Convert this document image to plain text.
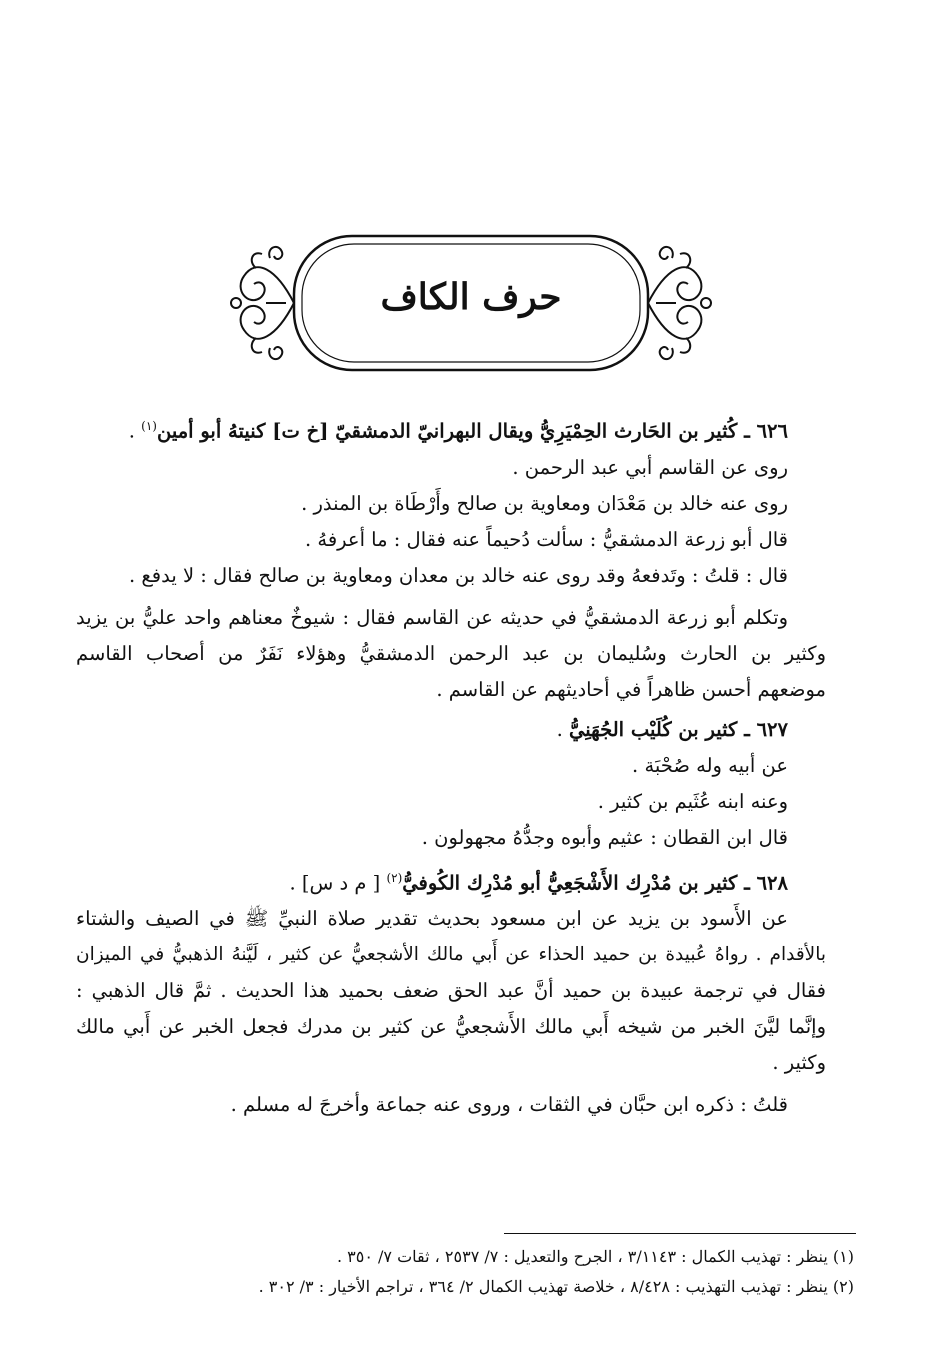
حرف الكاف
٦٢٦ ـ كُثير بن الحَارث الحِمْيَرِيُّ ويقال البهرانيّ الدمشقيّ [خ ت] كنيتهُ أبو أمين$^{(١)}$ .
روى عن القاسم أبي عبد الرحمن .
روى عنه خالد بن مَعْدَان ومعاوية بن صالح وأَرْطَاة بن المنذر .
قال أبو زرعة الدمشقيُّ : سألت دُحيماً عنه فقال : ما أعرفهُ .
قال : قلتُ : وتَدفعهُ وقد روى عنه خالد بن معدان ومعاوية بن صالح فقال : لا يدفع .
وتكلم أبو زرعة الدمشقيُّ في حديثه عن القاسم فقال : شيوخٌ معناهم واحد عليُّ بن يزيد
وكثير بن الحارث وسُليمان بن عبد الرحمن الدمشقيُّ وهؤلاء نَفَرٌ من أصحاب القاسم
موضعهم أحسن ظاهراً في أحاديثهم عن القاسم .
٦٢٧ ـ كثير بن كُلَيْب الجُهَنِيُّ .
عن أبيه وله صُحْبَة .
وعنه ابنه عُثَيم بن كثير .
قال ابن القطان : عثيم وأبوه وجدُّهُ مجهولون .
٦٢٨ ـ كثير بن مُدْرِك الأَشْجَعِيُّ أبو مُدْرِك الكُوفيُّ$^{(٢)}$ [ م د س] .
عن الأَسود بن يزيد عن ابن مسعود بحديث تقدير صلاة النبيِّ ﷺ في الصيف والشتاء
بالأقدام . رواهُ عُبيدة بن حميد الحذاء عن أَبي مالك الأشجعيُّ عن كثير ، لَيَّنهُ الذهبيُّ في الميزان
فقال في ترجمة عبيدة بن حميد أنَّ عبد الحق ضعف بحميد هذا الحديث . ثمَّ قال الذهبي :
وإنَّما ليَّنَ الخبر من شيخه أَبي مالك الأَشجعيُّ عن كثير بن مدرك فجعل الخبر عن أَبي مالك
وكثير .
قلتُ : ذكره ابن حبَّان في الثقات ، وروى عنه جماعة وأخرجَ له مسلم .
(١) ينظر : تهذيب الكمال : ٣/١١٤٣ ، الجرح والتعديل : ٧/ ٢٥٣٧ ، ثقات ٧/ ٣٥٠ .
(٢) ينظر : تهذيب التهذيب : ٨/٤٢٨ ، خلاصة تهذيب الكمال ٢/ ٣٦٤ ، تراجم الأخيار : ٣/ ٣٠٢ .
